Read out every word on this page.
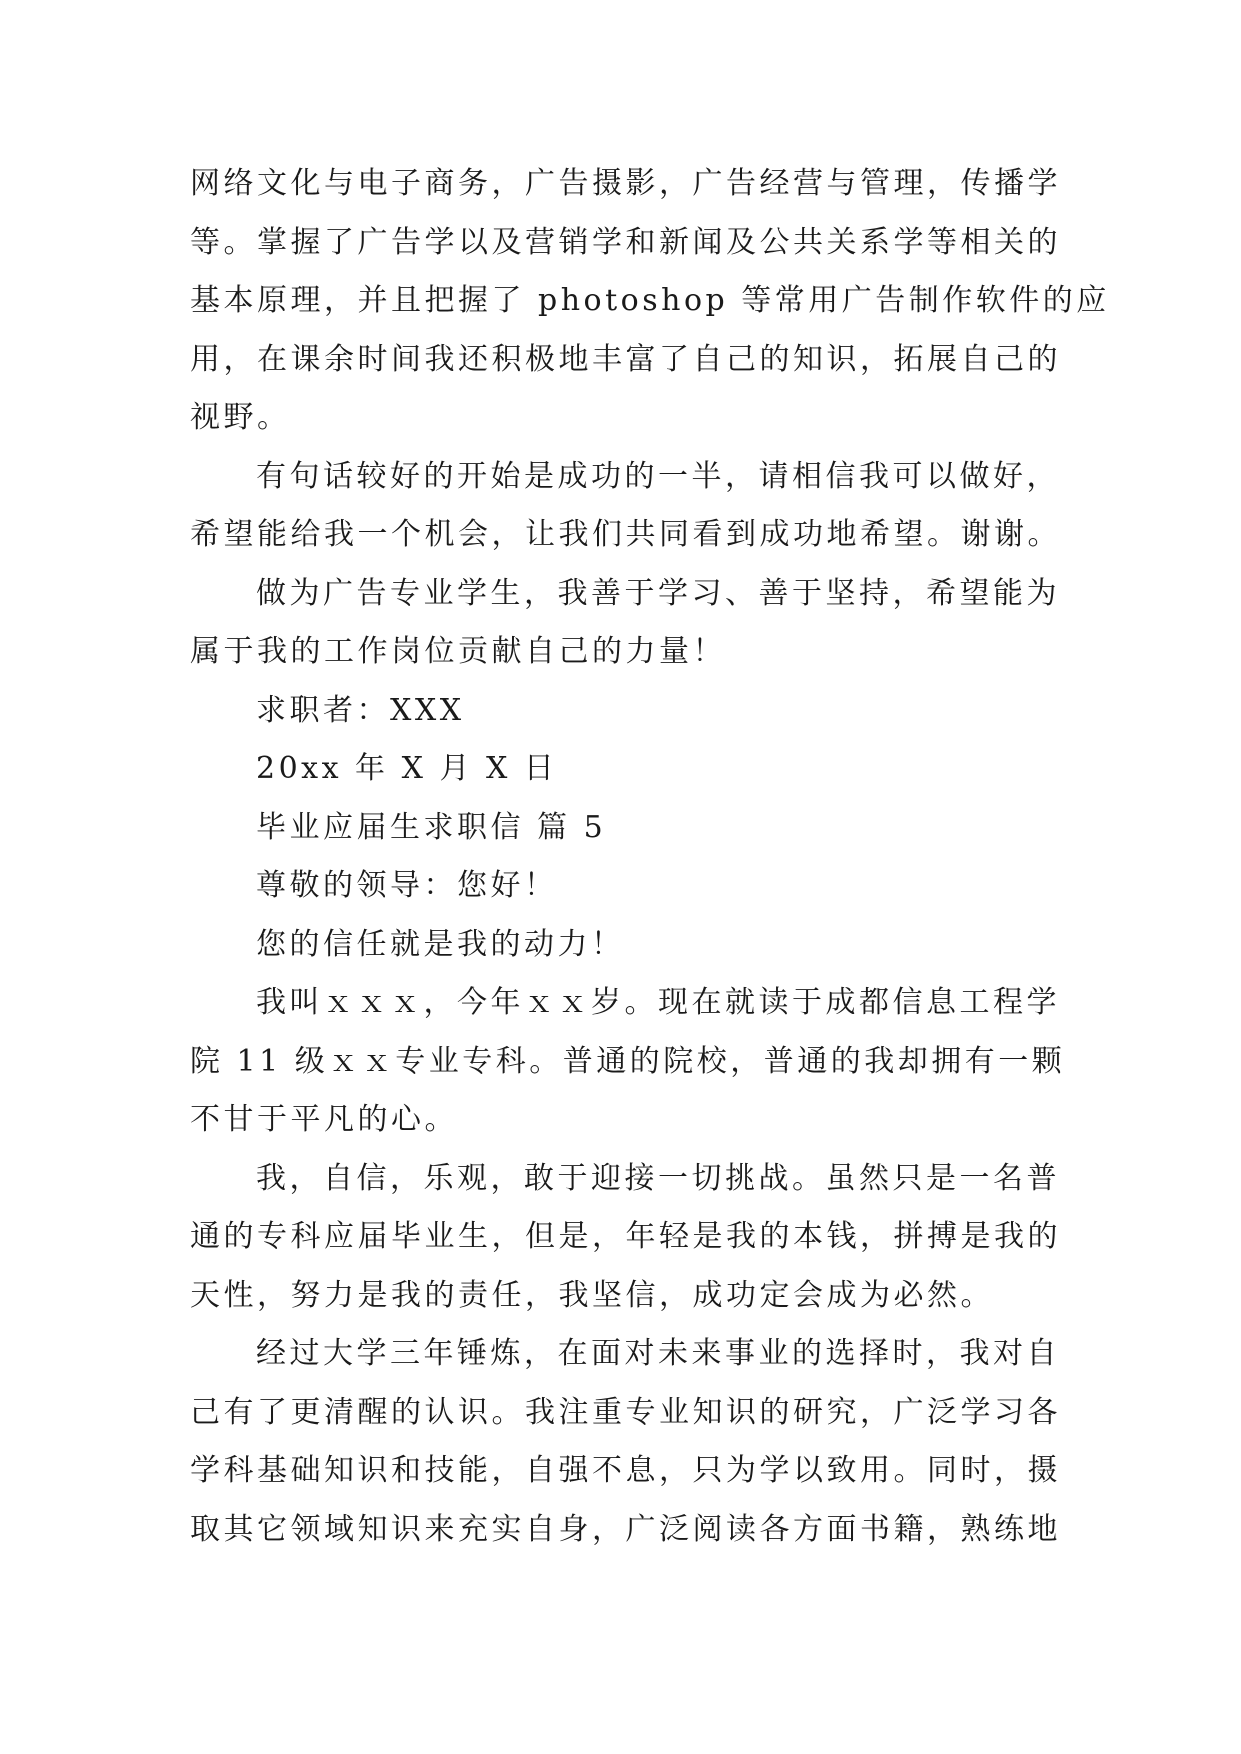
网络文化与电子商务，广告摄影，广告经营与管理，传播学
等。掌握了广告学以及营销学和新闻及公共关系学等相关的
基本原理，并且把握了 photoshop 等常用广告制作软件的应
用，在课余时间我还积极地丰富了自己的知识，拓展自己的
视野。
有句话较好的开始是成功的一半，请相信我可以做好，
希望能给我一个机会，让我们共同看到成功地希望。谢谢。
做为广告专业学生，我善于学习、善于坚持，希望能为
属于我的工作岗位贡献自己的力量！
求职者：XXX
20xx 年 X 月 X 日
毕业应届生求职信 篇 5
尊敬的领导：您好！
您的信任就是我的动力！
我叫ｘｘｘ，今年ｘｘ岁。现在就读于成都信息工程学
院 11 级ｘｘ专业专科。普通的院校，普通的我却拥有一颗
不甘于平凡的心。
我，自信，乐观，敢于迎接一切挑战。虽然只是一名普
通的专科应届毕业生，但是，年轻是我的本钱，拼搏是我的
天性，努力是我的责任，我坚信，成功定会成为必然。
经过大学三年锤炼，在面对未来事业的选择时，我对自
己有了更清醒的认识。我注重专业知识的研究，广泛学习各
学科基础知识和技能，自强不息，只为学以致用。同时，摄
取其它领域知识来充实自身，广泛阅读各方面书籍，熟练地
